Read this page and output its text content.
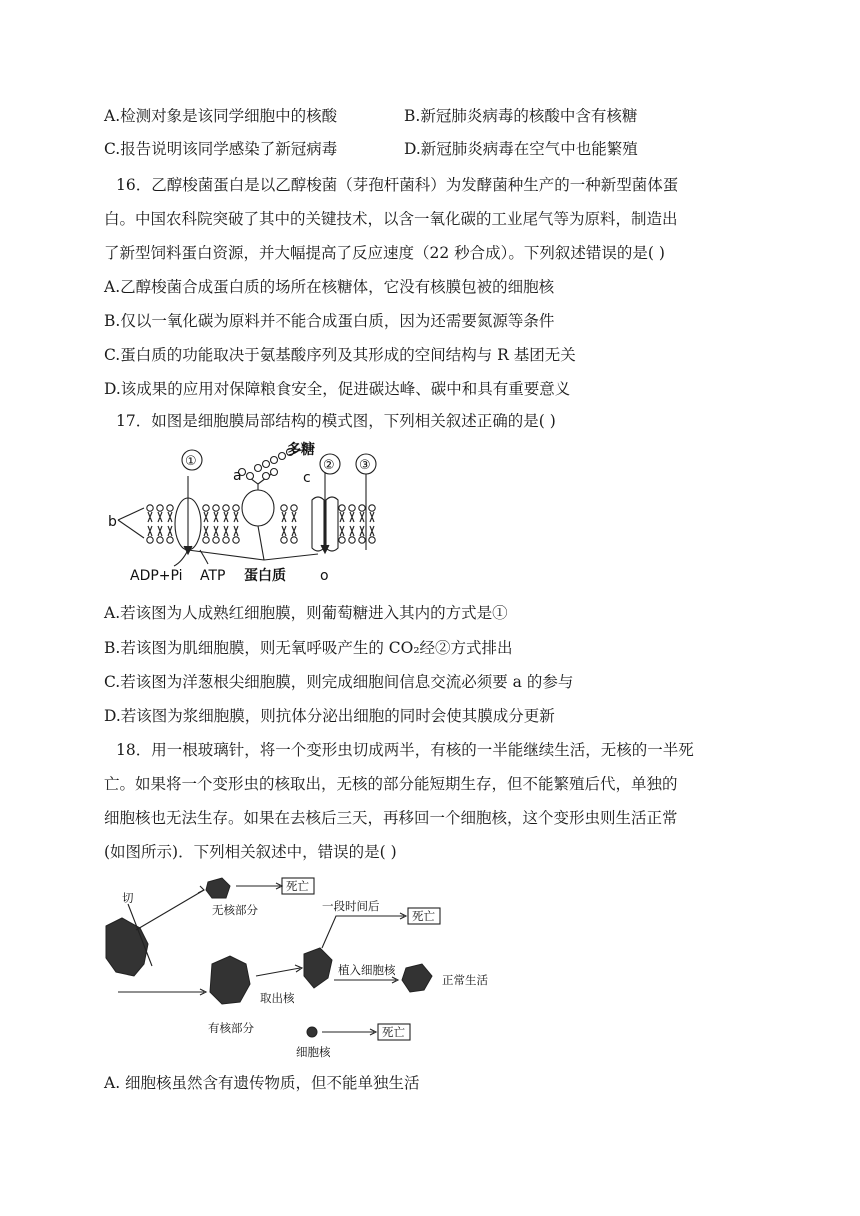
A.检测对象是该同学细胞中的核酸	B.新冠肺炎病毒的核酸中含有核糖
C.报告说明该同学感染了新冠病毒	D.新冠肺炎病毒在空气中也能繁殖
16．乙醇梭菌蛋白是以乙醇梭菌（芽孢杆菌科）为发酵菌种生产的一种新型菌体蛋
白。中国农科院突破了其中的关键技术，以含一氧化碳的工业尾气等为原料，制造出
了新型饲料蛋白资源，并大幅提高了反应速度（22 秒合成）。下列叙述错误的是( )
A.乙醇梭菌合成蛋白质的场所在核糖体，它没有核膜包被的细胞核
B.仅以一氧化碳为原料并不能合成蛋白质，因为还需要氮源等条件
C.蛋白质的功能取决于氨基酸序列及其形成的空间结构与 R 基团无关
D.该成果的应用对保障粮食安全，促进碳达峰、碳中和具有重要意义
17．如图是细胞膜局部结构的模式图，下列相关叙述正确的是( )
多糖
a
b
c
①	② ③
ADP+Pi ATP 蛋白质 o
A.若该图为人成熟红细胞膜，则葡萄糖进入其内的方式是①
B.若该图为肌细胞膜，则无氧呼吸产生的 CO₂经②方式排出
C.若该图为洋葱根尖细胞膜，则完成细胞间信息交流必须要 a 的参与
D.若该图为浆细胞膜，则抗体分泌出细胞的同时会使其膜成分更新
18．用一根玻璃针，将一个变形虫切成两半，有核的一半能继续生活，无核的一半死
亡。如果将一个变形虫的核取出，无核的部分能短期生存，但不能繁殖后代，单独的
细胞核也无法生存。如果在去核后三天，再移回一个细胞核，这个变形虫则生活正常
(如图所示)．下列相关叙述中，错误的是( )
切
无核部分
死亡
一段时间后
死亡
植入细胞核
正常生活
取出核
有核部分
细胞核
死亡
A. 细胞核虽然含有遗传物质，但不能单独生活
